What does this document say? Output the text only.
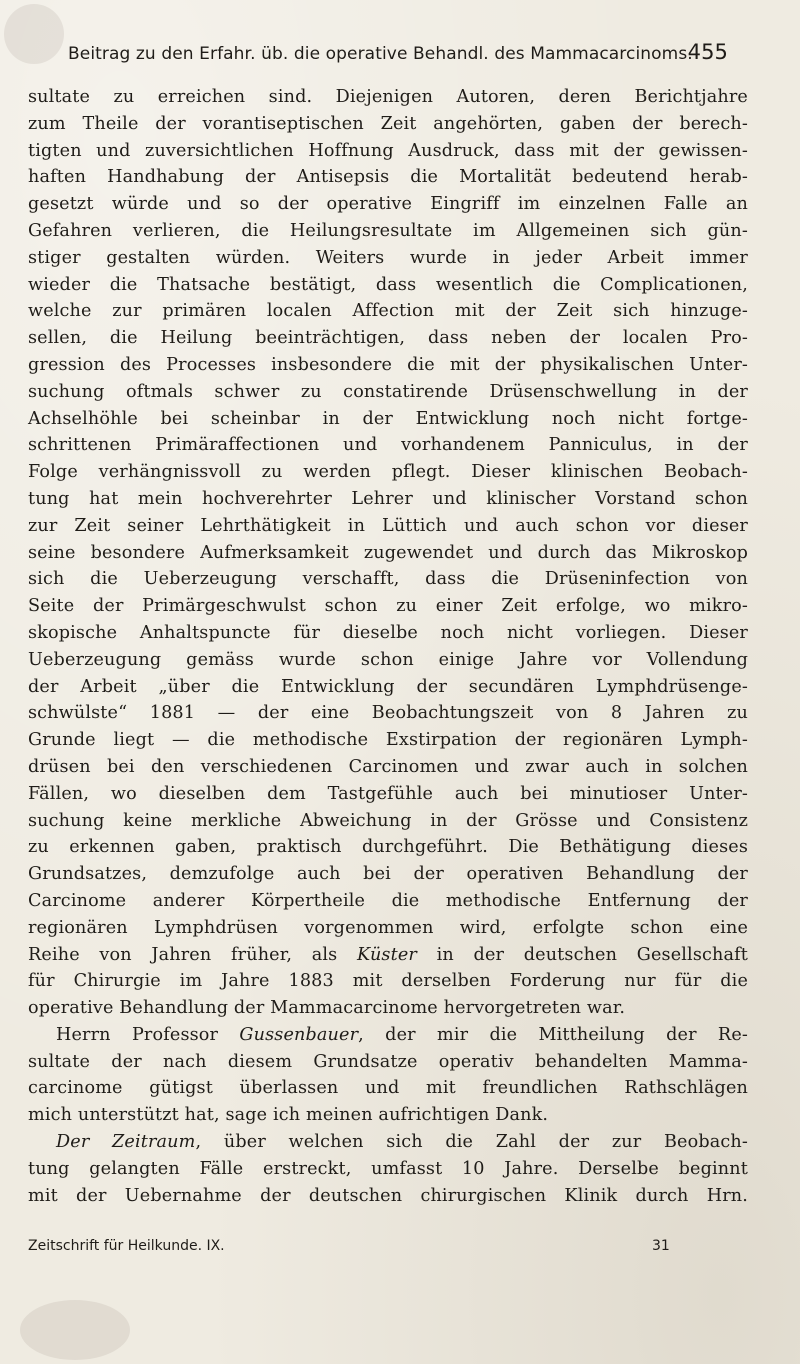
Beitrag zu den Erfahr. üb. die operative Behandl. des Mammacarcinoms.
455
sultate zu erreichen sind. Diejenigen Autoren, deren Berichtjahre
zum Theile der vorantiseptischen Zeit angehörten, gaben der berech-
tigten und zuversichtlichen Hoffnung Ausdruck, dass mit der gewissen-
haften Handhabung der Antisepsis die Mortalität bedeutend herab-
gesetzt würde und so der operative Eingriff im einzelnen Falle an
Gefahren verlieren, die Heilungsresultate im Allgemeinen sich gün-
stiger gestalten würden. Weiters wurde in jeder Arbeit immer
wieder die Thatsache bestätigt, dass wesentlich die Complicationen,
welche zur primären localen Affection mit der Zeit sich hinzuge-
sellen, die Heilung beeinträchtigen, dass neben der localen Pro-
gression des Processes insbesondere die mit der physikalischen Unter-
suchung oftmals schwer zu constatirende Drüsenschwellung in der
Achselhöhle bei scheinbar in der Entwicklung noch nicht fortge-
schrittenen Primäraffectionen und vorhandenem Panniculus, in der
Folge verhängnissvoll zu werden pflegt. Dieser klinischen Beobach-
tung hat mein hochverehrter Lehrer und klinischer Vorstand schon
zur Zeit seiner Lehrthätigkeit in Lüttich und auch schon vor dieser
seine besondere Aufmerksamkeit zugewendet und durch das Mikroskop
sich die Ueberzeugung verschafft, dass die Drüseninfection von
Seite der Primärgeschwulst schon zu einer Zeit erfolge, wo mikro-
skopische Anhaltspuncte für dieselbe noch nicht vorliegen. Dieser
Ueberzeugung gemäss wurde schon einige Jahre vor Vollendung
der Arbeit „über die Entwicklung der secundären Lymphdrüsenge-
schwülste“ 1881 — der eine Beobachtungszeit von 8 Jahren zu
Grunde liegt — die methodische Exstirpation der regionären Lymph-
drüsen bei den verschiedenen Carcinomen und zwar auch in solchen
Fällen, wo dieselben dem Tastgefühle auch bei minutioser Unter-
suchung keine merkliche Abweichung in der Grösse und Consistenz
zu erkennen gaben, praktisch durchgeführt. Die Bethätigung dieses
Grundsatzes, demzufolge auch bei der operativen Behandlung der
Carcinome anderer Körpertheile die methodische Entfernung der
regionären Lymphdrüsen vorgenommen wird, erfolgte schon eine
Reihe von Jahren früher, als Küster in der deutschen Gesellschaft
für Chirurgie im Jahre 1883 mit derselben Forderung nur für die
operative Behandlung der Mammacarcinome hervorgetreten war.
Herrn Professor Gussenbauer, der mir die Mittheilung der Re-
sultate der nach diesem Grundsatze operativ behandelten Mamma-
carcinome gütigst überlassen und mit freundlichen Rathschlägen
mich unterstützt hat, sage ich meinen aufrichtigen Dank.
Der Zeitraum, über welchen sich die Zahl der zur Beobach-
tung gelangten Fälle erstreckt, umfasst 10 Jahre. Derselbe beginnt
mit der Uebernahme der deutschen chirurgischen Klinik durch Hrn.
Zeitschrift für Heilkunde. IX.	31
